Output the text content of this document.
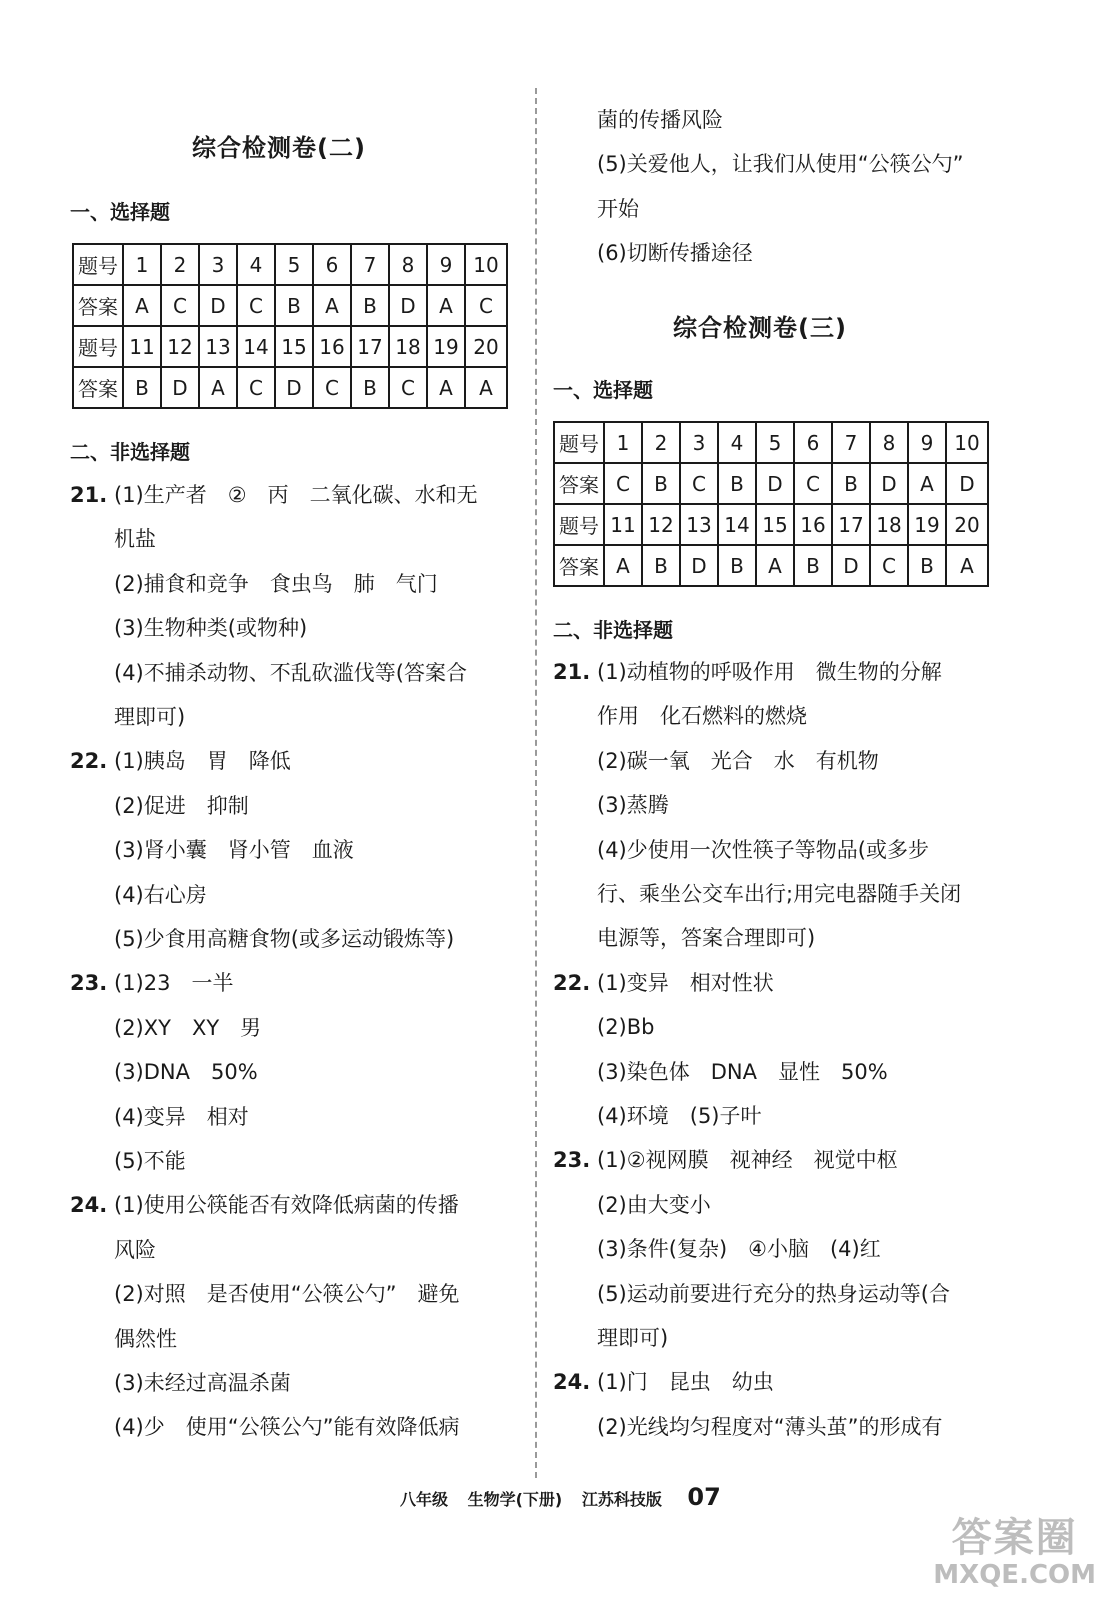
综合检测卷(二)
一、选择题
题号	1	2	3	4	5	6	7	8	9	10
答案	A	C	D	C	B	A	B	D	A	C
题号	11	12	13	14	15	16	17	18	19	20
答案	B	D	A	C	D	C	B	C	A	A
二、非选择题
21. (1)生产者　②　丙　二氧化碳、水和无
机盐
(2)捕食和竞争　食虫鸟　肺　气门
(3)生物种类(或物种)
(4)不捕杀动物、不乱砍滥伐等(答案合
理即可)
22. (1)胰岛　胃　降低
(2)促进　抑制
(3)肾小囊　肾小管　血液
(4)右心房
(5)少食用高糖食物(或多运动锻炼等)
23. (1)23　一半
(2)XY　XY　男
(3)DNA　50%
(4)变异　相对
(5)不能
24. (1)使用公筷能否有效降低病菌的传播
风险
(2)对照　是否使用“公筷公勺”　避免
偶然性
(3)未经过高温杀菌
(4)少　使用“公筷公勺”能有效降低病
菌的传播风险
(5)关爱他人，让我们从使用“公筷公勺”
开始
(6)切断传播途径
综合检测卷(三)
一、选择题
题号	1	2	3	4	5	6	7	8	9	10
答案	C	B	C	B	D	C	B	D	A	D
题号	11	12	13	14	15	16	17	18	19	20
答案	A	B	D	B	A	B	D	C	B	A
二、非选择题
21. (1)动植物的呼吸作用　微生物的分解
作用　化石燃料的燃烧
(2)碳一氧　光合　水　有机物
(3)蒸腾
(4)少使用一次性筷子等物品(或多步
行、乘坐公交车出行;用完电器随手关闭
电源等，答案合理即可)
22. (1)变异　相对性状
(2)Bb
(3)染色体　DNA　显性　50%
(4)环境　(5)子叶
23. (1)②视网膜　视神经　视觉中枢
(2)由大变小
(3)条件(复杂)　④小脑　(4)红
(5)运动前要进行充分的热身运动等(合
理即可)
24. (1)门　昆虫　幼虫
(2)光线均匀程度对“薄头茧”的形成有
八年级 生物学(下册) 江苏科技版 07
答案圈
MXQE.COM
